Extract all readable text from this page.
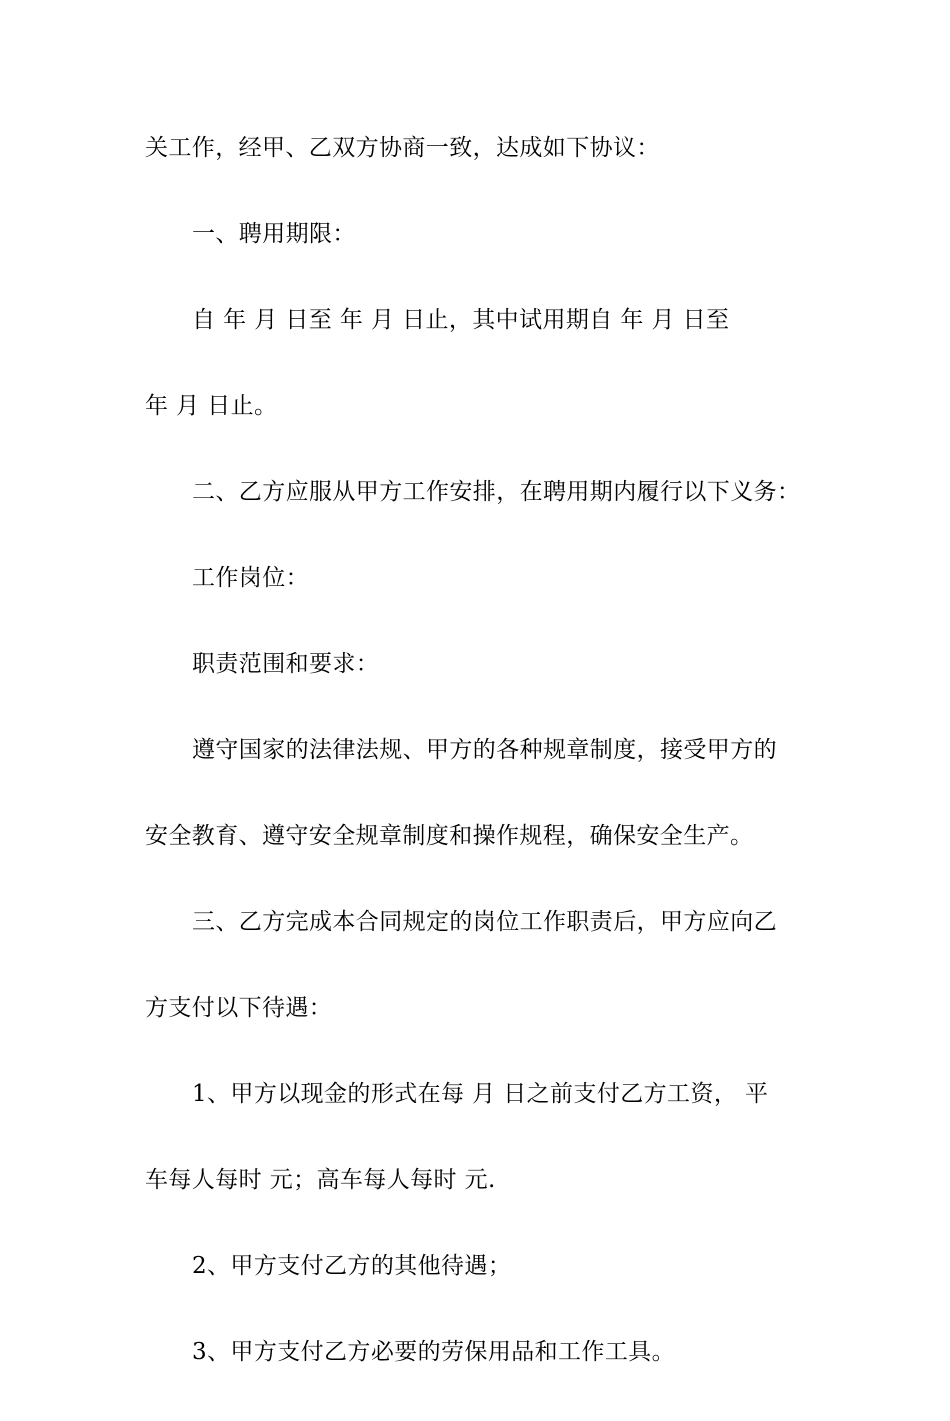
关工作，经甲、乙双方协商一致，达成如下协议：
一、聘用期限：
自 年 月 日至 年 月 日止，其中试用期自 年 月 日至
年 月 日止。
二、乙方应服从甲方工作安排，在聘用期内履行以下义务：
工作岗位：
职责范围和要求：
遵守国家的法律法规、甲方的各种规章制度，接受甲方的
安全教育、遵守安全规章制度和操作规程，确保安全生产。
三、乙方完成本合同规定的岗位工作职责后，甲方应向乙
方支付以下待遇：
1、甲方以现金的形式在每 月 日之前支付乙方工资， 平
车每人每时 元；高车每人每时 元.
2、甲方支付乙方的其他待遇；
3、甲方支付乙方必要的劳保用品和工作工具。
